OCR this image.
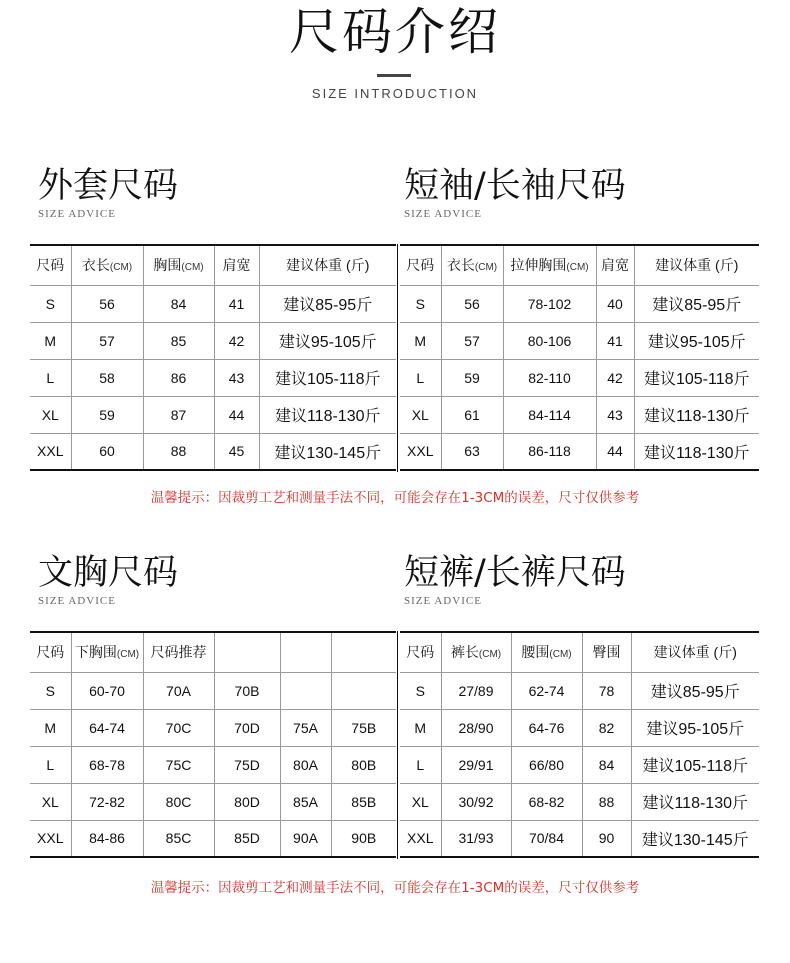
尺码介绍
SIZE INTRODUCTION
外套尺码
SIZE ADVICE
尺码	衣长(CM)	胸围(CM)	肩宽	建议体重 (斤)
S	56	84	41	建议85-95斤
M	57	85	42	建议95-105斤
L	58	86	43	建议105-118斤
XL	59	87	44	建议118-130斤
XXL	60	88	45	建议130-145斤
短袖/长袖尺码
SIZE ADVICE
尺码	衣长(CM)	拉伸胸围(CM)	肩宽	建议体重 (斤)
S	56	78-102	40	建议85-95斤
M	57	80-106	41	建议95-105斤
L	59	82-110	42	建议105-118斤
XL	61	84-114	43	建议118-130斤
XXL	63	86-118	44	建议118-130斤
温馨提示：因裁剪工艺和测量手法不同，可能会存在1-3CM的误差，尺寸仅供参考
文胸尺码
SIZE ADVICE
尺码	下胸围(CM)	尺码推荐			
S	60-70	70A	70B		
M	64-74	70C	70D	75A	75B
L	68-78	75C	75D	80A	80B
XL	72-82	80C	80D	85A	85B
XXL	84-86	85C	85D	90A	90B
短裤/长裤尺码
SIZE ADVICE
尺码	裤长(CM)	腰围(CM)	臀围	建议体重 (斤)
S	27/89	62-74	78	建议85-95斤
M	28/90	64-76	82	建议95-105斤
L	29/91	66/80	84	建议105-118斤
XL	30/92	68-82	88	建议118-130斤
XXL	31/93	70/84	90	建议130-145斤
温馨提示：因裁剪工艺和测量手法不同，可能会存在1-3CM的误差，尺寸仅供参考
